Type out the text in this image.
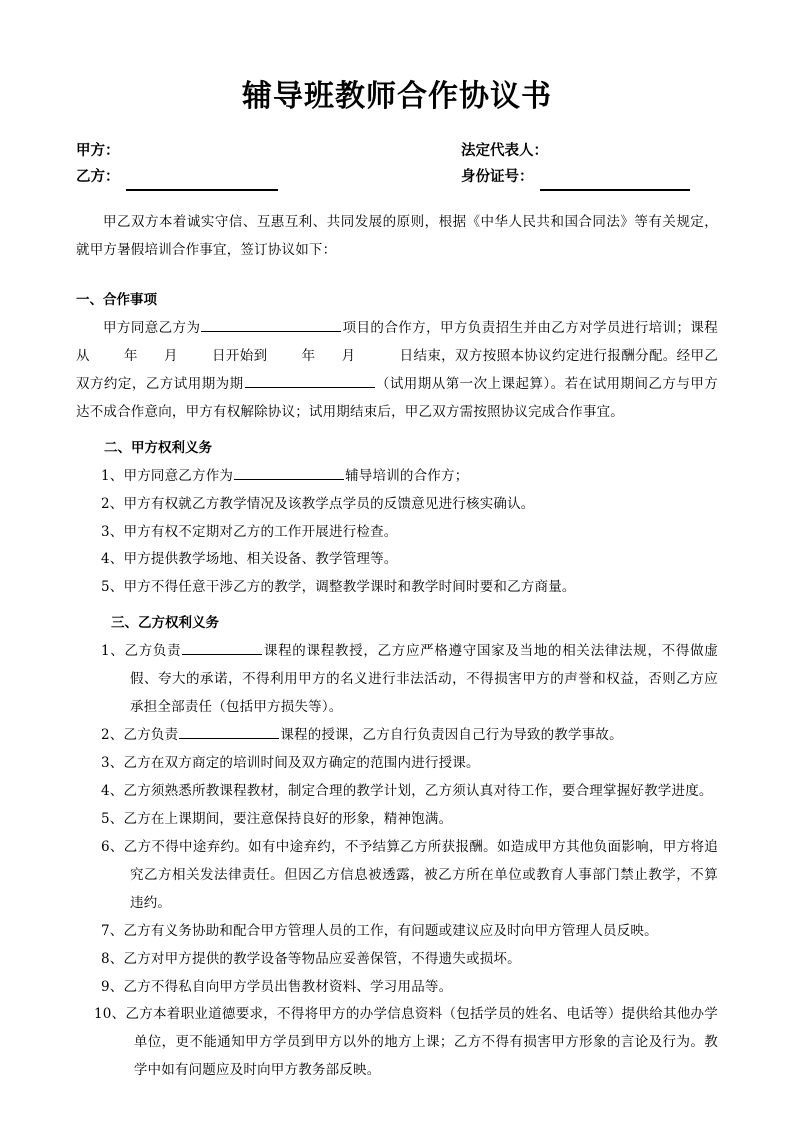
辅导班教师合作协议书
甲方：	法定代表人：
乙方：	身份证号：

甲乙双方本着诚实守信、互惠互利、共同发展的原则，根据《中华人民共和国合同法》等有关规定，就甲方暑假培训合作事宜，签订协议如下：

一、合作事项

甲方同意乙方为	项目的合作方，甲方负责招生并由乙方对学员进行培训；课程从	年 月	日开始到	年 月	日结束，双方按照本协议约定进行报酬分配。经甲乙双方约定，乙方试用期为期	（试用期从第一次上课起算）。若在试用期间乙方与甲方达不成合作意向，甲方有权解除协议；试用期结束后，甲乙双方需按照协议完成合作事宜。

二、甲方权利义务

1、甲方同意乙方作为	辅导培训的合作方；

2、甲方有权就乙方教学情况及该教学点学员的反馈意见进行核实确认。

3、甲方有权不定期对乙方的工作开展进行检查。

4、甲方提供教学场地、相关设备、教学管理等。

5、甲方不得任意干涉乙方的教学，调整教学课时和教学时间时要和乙方商量。

三、乙方权利义务

1、乙方负责	课程的课程教授，乙方应严格遵守国家及当地的相关法律法规，不得做虚假、夸大的承诺，不得利用甲方的名义进行非法活动，不得损害甲方的声誉和权益，否则乙方应承担全部责任（包括甲方损失等）。

2、乙方负责	课程的授课，乙方自行负责因自己行为导致的教学事故。

3、乙方在双方商定的培训时间及双方确定的范围内进行授课。

4、乙方须熟悉所教课程教材，制定合理的教学计划，乙方须认真对待工作，要合理掌握好教学进度。

5、乙方在上课期间，要注意保持良好的形象，精神饱满。

6、乙方不得中途弃约。如有中途弃约，不予结算乙方所获报酬。如造成甲方其他负面影响，甲方将追究乙方相关发法律责任。但因乙方信息被透露，被乙方所在单位或教育人事部门禁止教学，不算违约。

7、乙方有义务协助和配合甲方管理人员的工作，有问题或建议应及时向甲方管理人员反映。

8、乙方对甲方提供的教学设备等物品应妥善保管，不得遗失或损坏。

9、乙方不得私自向甲方学员出售教材资料、学习用品等。

10、乙方本着职业道德要求，不得将甲方的办学信息资料（包括学员的姓名、电话等）提供给其他办学单位，更不能通知甲方学员到甲方以外的地方上课；乙方不得有损害甲方形象的言论及行为。教学中如有问题应及时向甲方教务部反映。
